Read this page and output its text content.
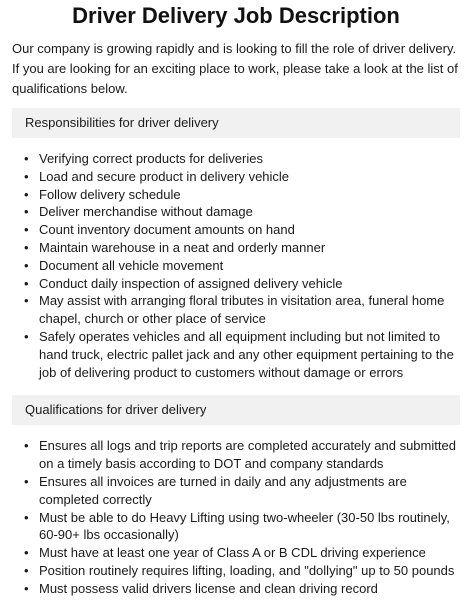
Driver Delivery Job Description

Our company is growing rapidly and is looking to fill the role of driver delivery. If you are looking for an exciting place to work, please take a look at the list of qualifications below.

Responsibilities for driver delivery
• Verifying correct products for deliveries
• Load and secure product in delivery vehicle
• Follow delivery schedule
• Deliver merchandise without damage
• Count inventory document amounts on hand
• Maintain warehouse in a neat and orderly manner
• Document all vehicle movement
• Conduct daily inspection of assigned delivery vehicle
• May assist with arranging floral tributes in visitation area, funeral home chapel, church or other place of service
• Safely operates vehicles and all equipment including but not limited to hand truck, electric pallet jack and any other equipment pertaining to the job of delivering product to customers without damage or errors
Qualifications for driver delivery
• Ensures all logs and trip reports are completed accurately and submitted on a timely basis according to DOT and company standards
• Ensures all invoices are turned in daily and any adjustments are completed correctly
• Must be able to do Heavy Lifting using two-wheeler (30-50 lbs routinely, 60-90+ lbs occasionally)
• Must have at least one year of Class A or B CDL driving experience
• Position routinely requires lifting, loading, and "dollying" up to 50 pounds
• Must possess valid drivers license and clean driving record
